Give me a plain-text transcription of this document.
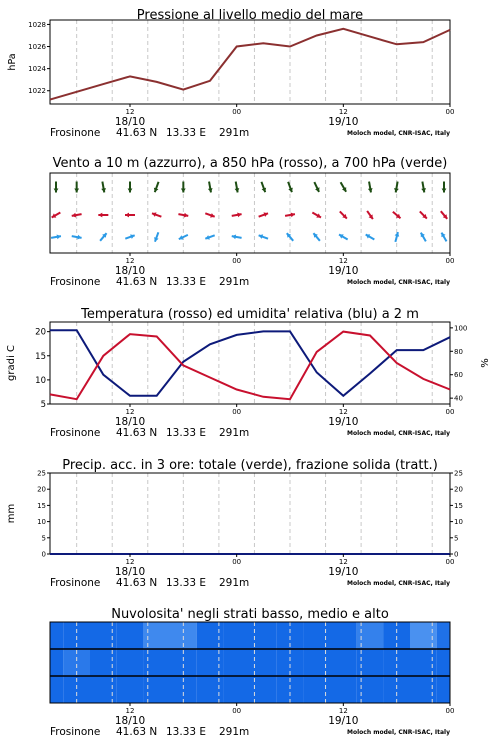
Pressione al livello medio del mare
1022
1024
1026
1028
hPa
12	00	12	00
18/10	19/10
Frosinone 41.63 N 13.33 E 291m	Moloch model, CNR-ISAC, Italy
Vento a 10 m (azzurro), a 850 hPa (rosso), a 700 hPa (verde)
12	00	12	00
18/10	19/10
Frosinone 41.63 N 13.33 E 291m	Moloch model, CNR-ISAC, Italy
Temperatura (rosso) ed umidita' relativa (blu) a 2 m
5
10
15
20
40
60
80
100
gradi C	%
12	00	12	00
18/10	19/10
Frosinone 41.63 N 13.33 E 291m	Moloch model, CNR-ISAC, Italy
Precip. acc. in 3 ore: totale (verde), frazione solida (tratt.)
0	0
5	5
10	10
15	15
20	20
25	25
mm
12	00	12	00
18/10	19/10
Frosinone 41.63 N 13.33 E 291m	Moloch model, CNR-ISAC, Italy
Nuvolosita' negli strati basso, medio e alto
12	00	12	00
18/10	19/10
Frosinone 41.63 N 13.33 E 291m	Moloch model, CNR-ISAC, Italy
